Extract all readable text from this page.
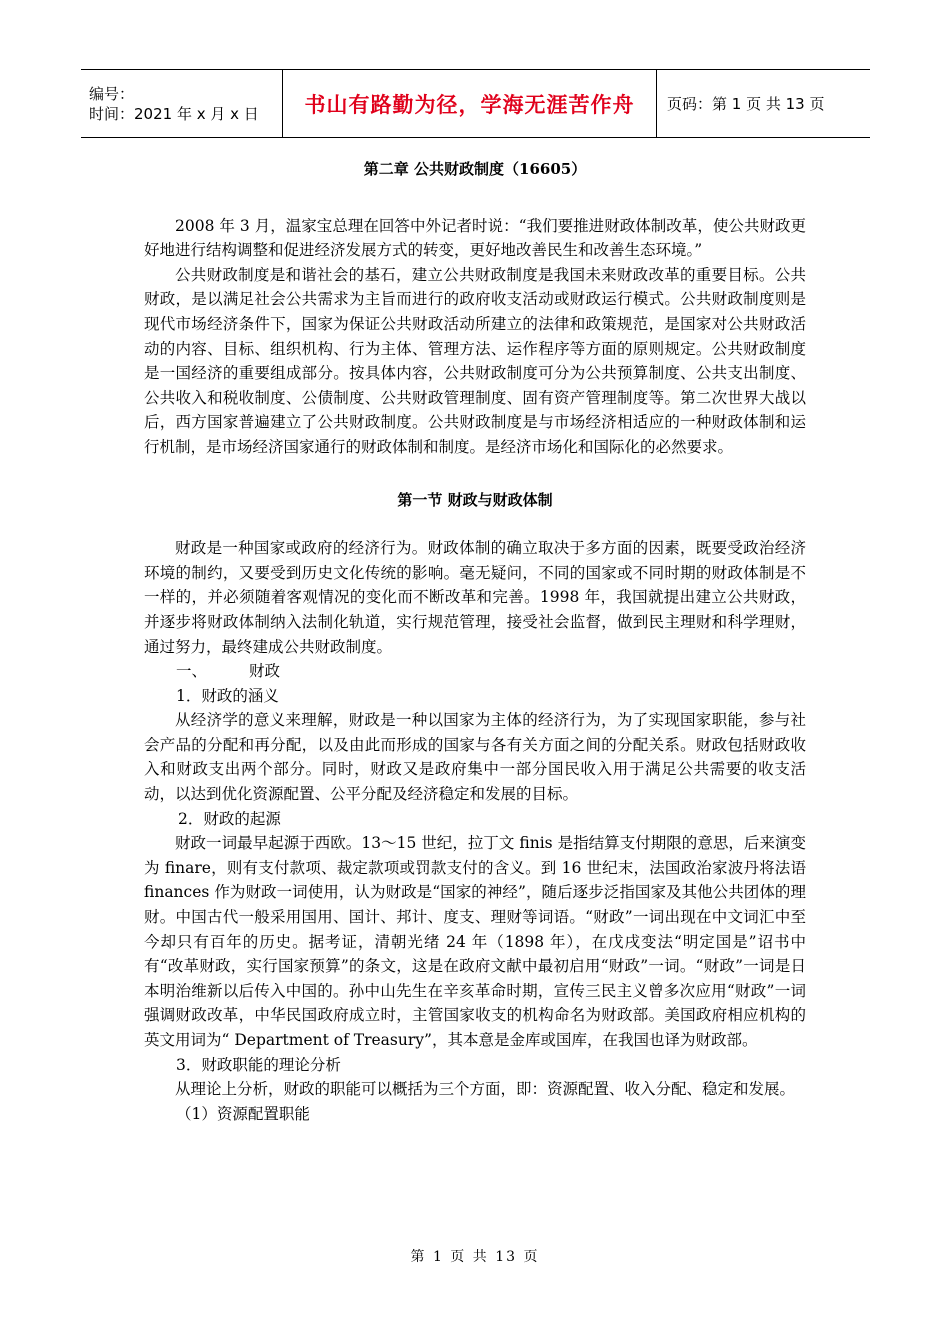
编号：
时间：2021 年 x 月 x 日	书山有路勤为径，学海无涯苦作舟 页码：第 1 页 共 13 页
第二章 公共财政制度（16605）

2008 年 3 月，温家宝总理在回答中外记者时说：“我们要推进财政体制改革，使公共财政更好地进行结构调整和促进经济发展方式的转变，更好地改善民生和改善生态环境。”

公共财政制度是和谐社会的基石，建立公共财政制度是我国未来财政改革的重要目标。公共财政，是以满足社会公共需求为主旨而进行的政府收支活动或财政运行模式。公共财政制度则是现代市场经济条件下，国家为保证公共财政活动所建立的法律和政策规范，是国家对公共财政活动的内容、目标、组织机构、行为主体、管理方法、运作程序等方面的原则规定。公共财政制度是一国经济的重要组成部分。按具体内容，公共财政制度可分为公共预算制度、公共支出制度、公共收入和税收制度、公债制度、公共财政管理制度、固有资产管理制度等。第二次世界大战以后，西方国家普遍建立了公共财政制度。公共财政制度是与市场经济相适应的一种财政体制和运行机制，是市场经济国家通行的财政体制和制度。是经济市场化和国际化的必然要求。

第一节 财政与财政体制

财政是一种国家或政府的经济行为。财政体制的确立取决于多方面的因素，既要受政治经济环境的制约，又要受到历史文化传统的影响。毫无疑问，不同的国家或不同时期的财政体制是不一样的，并必须随着客观情况的变化而不断改革和完善。1998 年，我国就提出建立公共财政，并逐步将财政体制纳入法制化轨道，实行规范管理，接受社会监督，做到民主理财和科学理财，通过努力，最终建成公共财政制度。

一、	财政

1．财政的涵义

从经济学的意义来理解，财政是一种以国家为主体的经济行为，为了实现国家职能，参与社会产品的分配和再分配，以及由此而形成的国家与各有关方面之间的分配关系。财政包括财政收入和财政支出两个部分。同时，财政又是政府集中一部分国民收入用于满足公共需要的收支活动，以达到优化资源配置、公平分配及经济稳定和发展的目标。

2．财政的起源

财政一词最早起源于西欧。13～15 世纪，拉丁文 finis 是指结算支付期限的意思，后来演变为 finare，则有支付款项、裁定款项或罚款支付的含义。到 16 世纪末，法国政治家波丹将法语 finances 作为财政一词使用，认为财政是“国家的神经”，随后逐步泛指国家及其他公共团体的理财。中国古代一般采用国用、国计、邦计、度支、理财等词语。“财政”一词出现在中文词汇中至今却只有百年的历史。据考证，清朝光绪 24 年（1898 年），在戊戌变法“明定国是”诏书中有“改革财政，实行国家预算”的条文，这是在政府文献中最初启用“财政”一词。“财政”一词是日本明治维新以后传入中国的。孙中山先生在辛亥革命时期，宣传三民主义曾多次应用“财政”一词强调财政改革，中华民国政府成立时，主管国家收支的机构命名为财政部。美国政府相应机构的英文用词为“ Department of Treasury”，其本意是金库或国库，在我国也译为财政部。

3．财政职能的理论分析

从理论上分析，财政的职能可以概括为三个方面，即：资源配置、收入分配、稳定和发展。

（1）资源配置职能

第 1 页 共 13 页
